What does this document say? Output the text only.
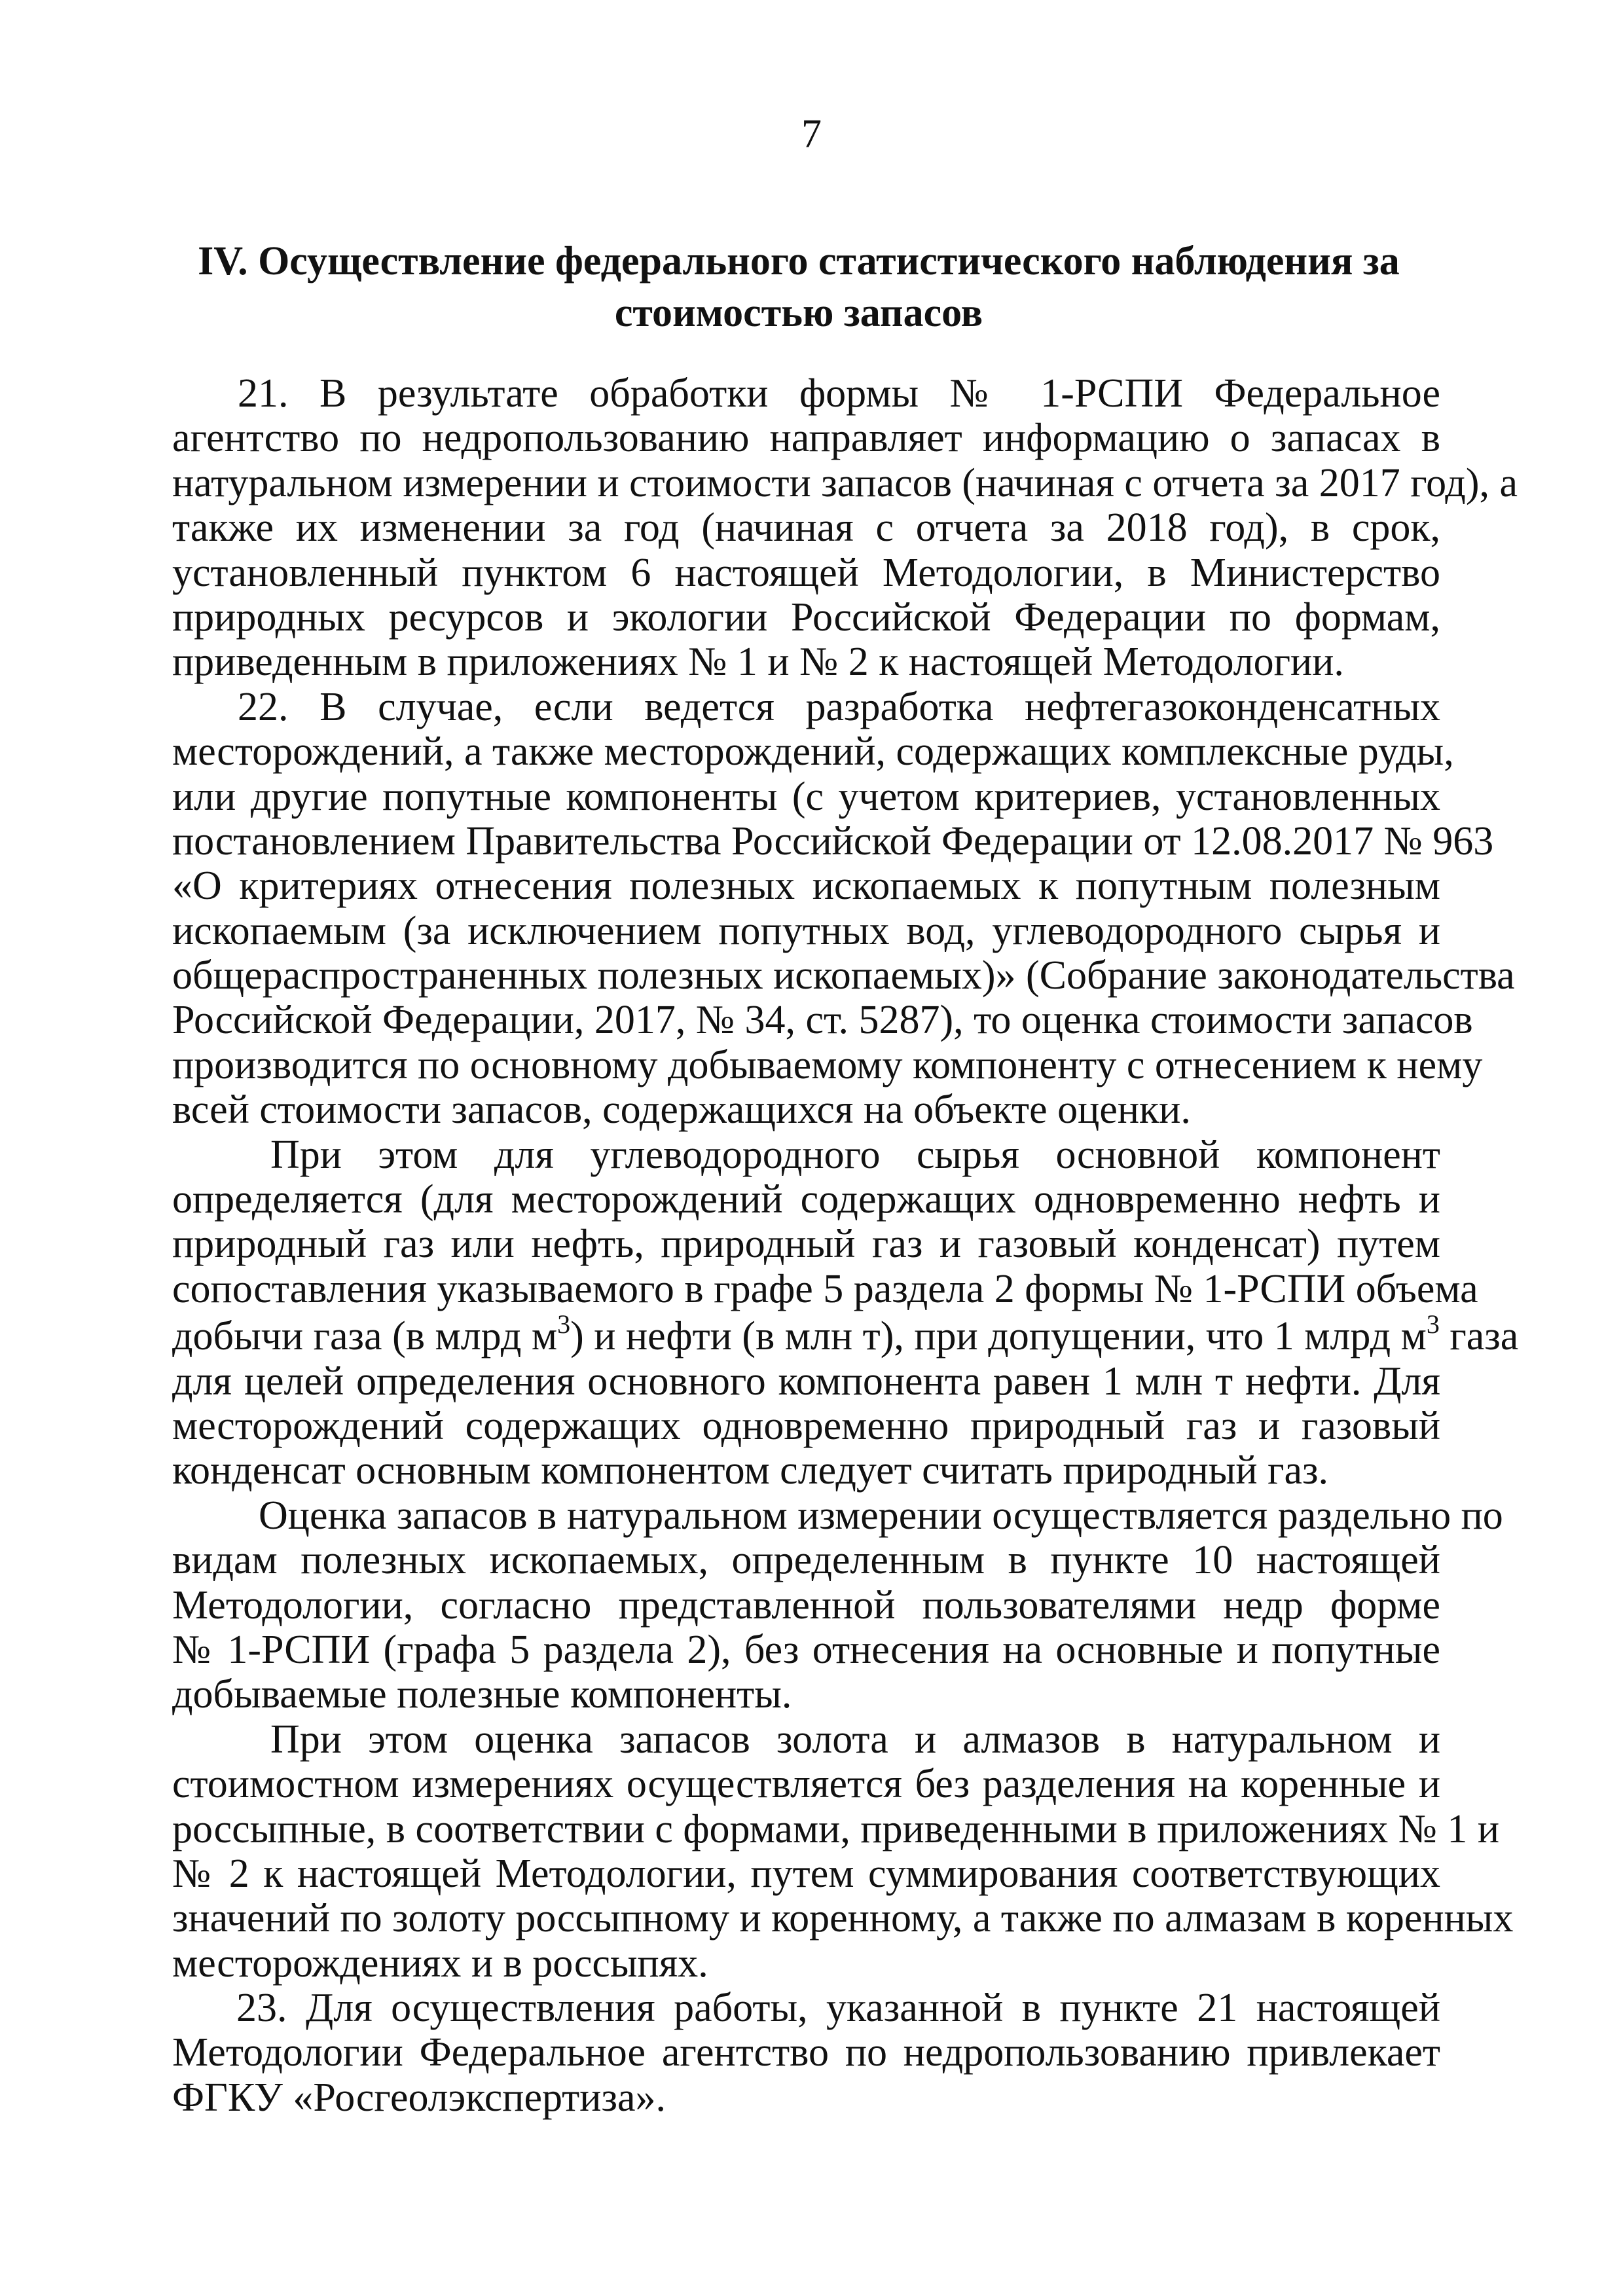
7
IV. Осуществление федерального статистического наблюдения за
стоимостью запасов
21. В результате обработки формы № 1-РСПИ Федеральное
агентство по недропользованию направляет информацию о запасах в
натуральном измерении и стоимости запасов (начиная с отчета за 2017 год), а
также их изменении за год (начиная с отчета за 2018 год), в срок,
установленный пунктом 6 настоящей Методологии, в Министерство
природных ресурсов и экологии Российской Федерации по формам,
приведенным в приложениях № 1 и № 2 к настоящей Методологии.
22. В случае, если ведется разработка нефтегазоконденсатных
месторождений, а также месторождений, содержащих комплексные руды,
или другие попутные компоненты (с учетом критериев, установленных
постановлением Правительства Российской Федерации от 12.08.2017 № 963
«О критериях отнесения полезных ископаемых к попутным полезным
ископаемым (за исключением попутных вод, углеводородного сырья и
общераспространенных полезных ископаемых)» (Собрание законодательства
Российской Федерации, 2017, № 34, ст. 5287), то оценка стоимости запасов
производится по основному добываемому компоненту с отнесением к нему
всей стоимости запасов, содержащихся на объекте оценки.
При этом для углеводородного сырья основной компонент
определяется (для месторождений содержащих одновременно нефть и
природный газ или нефть, природный газ и газовый конденсат) путем
сопоставления указываемого в графе 5 раздела 2 формы № 1-РСПИ объема
добычи газа (в млрд $м^3$) и нефти (в млн т), при допущении, что 1 млрд $м^3$ газа
для целей определения основного компонента равен 1 млн т нефти. Для
месторождений содержащих одновременно природный газ и газовый
конденсат основным компонентом следует считать природный газ.
Оценка запасов в натуральном измерении осуществляется раздельно по
видам полезных ископаемых, определенным в пункте 10 настоящей
Методологии, согласно представленной пользователями недр форме
№ 1-РСПИ (графа 5 раздела 2), без отнесения на основные и попутные
добываемые полезные компоненты.
При этом оценка запасов золота и алмазов в натуральном и
стоимостном измерениях осуществляется без разделения на коренные и
россыпные, в соответствии с формами, приведенными в приложениях № 1 и
№ 2 к настоящей Методологии, путем суммирования соответствующих
значений по золоту россыпному и коренному, а также по алмазам в коренных
месторождениях и в россыпях.
23. Для осуществления работы, указанной в пункте 21 настоящей
Методологии Федеральное агентство по недропользованию привлекает
ФГКУ «Росгеолэкспертиза».
